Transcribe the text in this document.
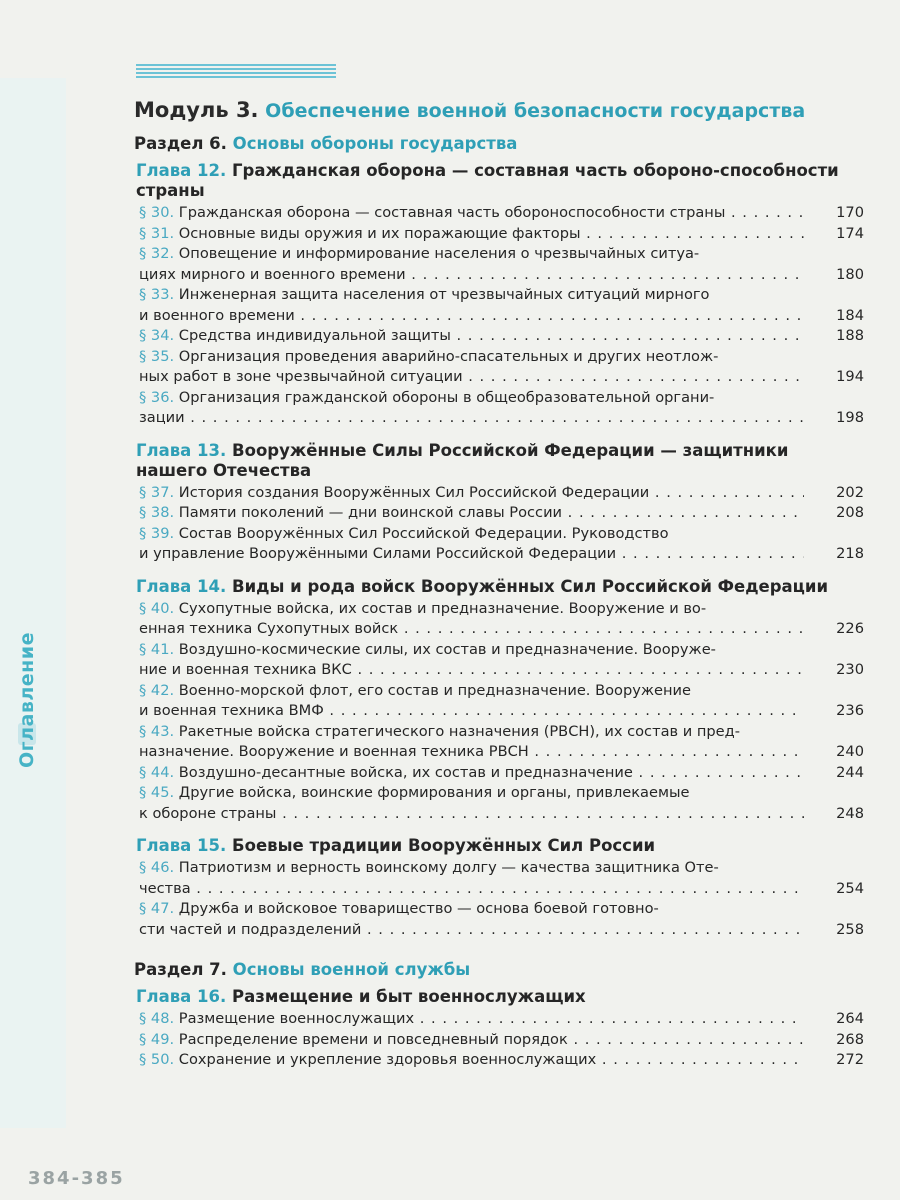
Оглавление
384-385
Модуль 3. Обеспечение военной безопасности государства
Раздел 6. Основы обороны государства
Глава 12. Гражданская оборона — составная часть обороно-способности страны
§ 30. Гражданская оборона — составная часть обороноспособности страны . . .	170
§ 31. Основные виды оружия и их поражающие факторы . . .	174
§ 32. Оповещение и информирование населения о чрезвычайных ситуа-
циях мирного и военного времени . . .	180
§ 33. Инженерная защита населения от чрезвычайных ситуаций мирного
и военного времени . . .	184
§ 34. Средства индивидуальной защиты . . .	188
§ 35. Организация проведения аварийно-спасательных и других неотлож-
ных работ в зоне чрезвычайной ситуации . . .	194
§ 36. Организация гражданской обороны в общеобразовательной органи-
зации . . .	198
Глава 13. Вооружённые Силы Российской Федерации — защитники нашего Отечества
§ 37. История создания Вооружённых Сил Российской Федерации . . .	202
§ 38. Памяти поколений — дни воинской славы России . . .	208
§ 39. Состав Вооружённых Сил Российской Федерации. Руководство
и управление Вооружёнными Силами Российской Федерации . . .	218
Глава 14. Виды и рода войск Вооружённых Сил Российской Федерации
§ 40. Сухопутные войска, их состав и предназначение. Вооружение и во-
енная техника Сухопутных войск . . .	226
§ 41. Воздушно-космические силы, их состав и предназначение. Вооруже-
ние и военная техника ВКС . . .	230
§ 42. Военно-морской флот, его состав и предназначение. Вооружение
и военная техника ВМФ . . .	236
§ 43. Ракетные войска стратегического назначения (РВСН), их состав и пред-
назначение. Вооружение и военная техника РВСН . . .	240
§ 44. Воздушно-десантные войска, их состав и предназначение . . .	244
§ 45. Другие войска, воинские формирования и органы, привлекаемые
к обороне страны . . .	248
Глава 15. Боевые традиции Вооружённых Сил России
§ 46. Патриотизм и верность воинскому долгу — качества защитника Оте-
чества . . .	254
§ 47. Дружба и войсковое товарищество — основа боевой готовно-
сти частей и подразделений . . .	258
Раздел 7. Основы военной службы
Глава 16. Размещение и быт военнослужащих
§ 48. Размещение военнослужащих . . .	264
§ 49. Распределение времени и повседневный порядок . . .	268
§ 50. Сохранение и укрепление здоровья военнослужащих . . .	272
